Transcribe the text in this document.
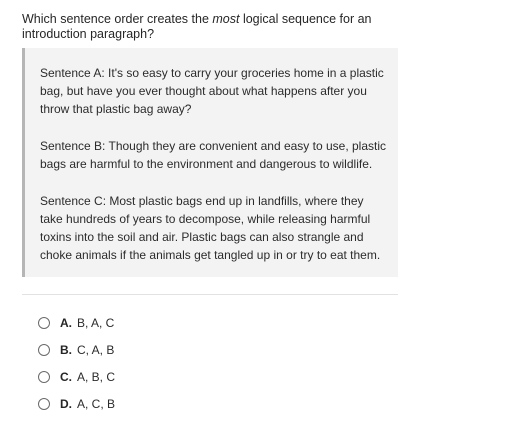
Which sentence order creates the most logical sequence for an introduction paragraph?

Sentence A: It's so easy to carry your groceries home in a plastic bag, but have you ever thought about what happens after you throw that plastic bag away?

Sentence B: Though they are convenient and easy to use, plastic bags are harmful to the environment and dangerous to wildlife.

Sentence C: Most plastic bags end up in landfills, where they take hundreds of years to decompose, while releasing harmful toxins into the soil and air. Plastic bags can also strangle and choke animals if the animals get tangled up in or try to eat them.

A. B, A, C
B. C, A, B
C. A, B, C
D. A, C, B
